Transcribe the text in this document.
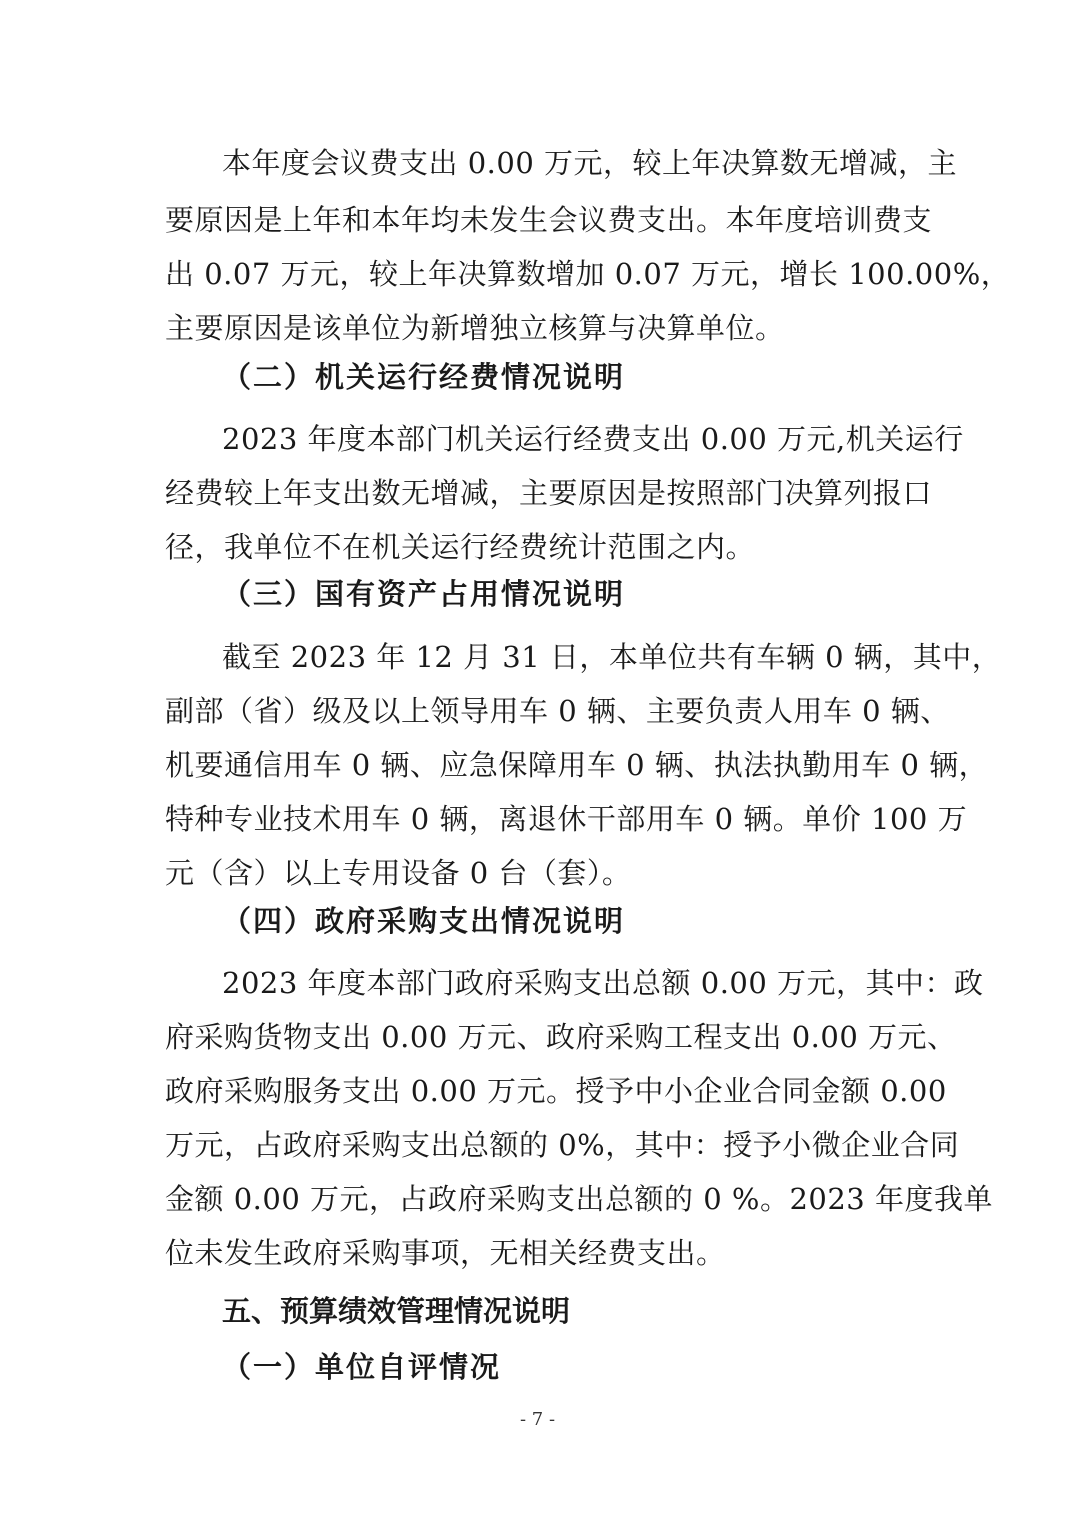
本年度会议费支出 0.00 万元，较上年决算数无增减，主
要原因是上年和本年均未发生会议费支出。本年度培训费支
出 0.07 万元，较上年决算数增加 0.07 万元，增长 100.00%，
主要原因是该单位为新增独立核算与决算单位。
（二）机关运行经费情况说明
2023 年度本部门机关运行经费支出 0.00 万元,机关运行
经费较上年支出数无增减，主要原因是按照部门决算列报口
径，我单位不在机关运行经费统计范围之内。
（三）国有资产占用情况说明
截至 2023 年 12 月 31 日，本单位共有车辆 0 辆，其中，
副部（省）级及以上领导用车 0 辆、主要负责人用车 0 辆、
机要通信用车 0 辆、应急保障用车 0 辆、执法执勤用车 0 辆，
特种专业技术用车 0 辆，离退休干部用车 0 辆。单价 100 万
元（含）以上专用设备 0 台（套）。
（四）政府采购支出情况说明
2023 年度本部门政府采购支出总额 0.00 万元，其中：政
府采购货物支出 0.00 万元、政府采购工程支出 0.00 万元、
政府采购服务支出 0.00 万元。授予中小企业合同金额 0.00
万元，占政府采购支出总额的 0%，其中：授予小微企业合同
金额 0.00 万元，占政府采购支出总额的 0 %。2023 年度我单
位未发生政府采购事项，无相关经费支出。
五、预算绩效管理情况说明
（一）单位自评情况
- 7 -
